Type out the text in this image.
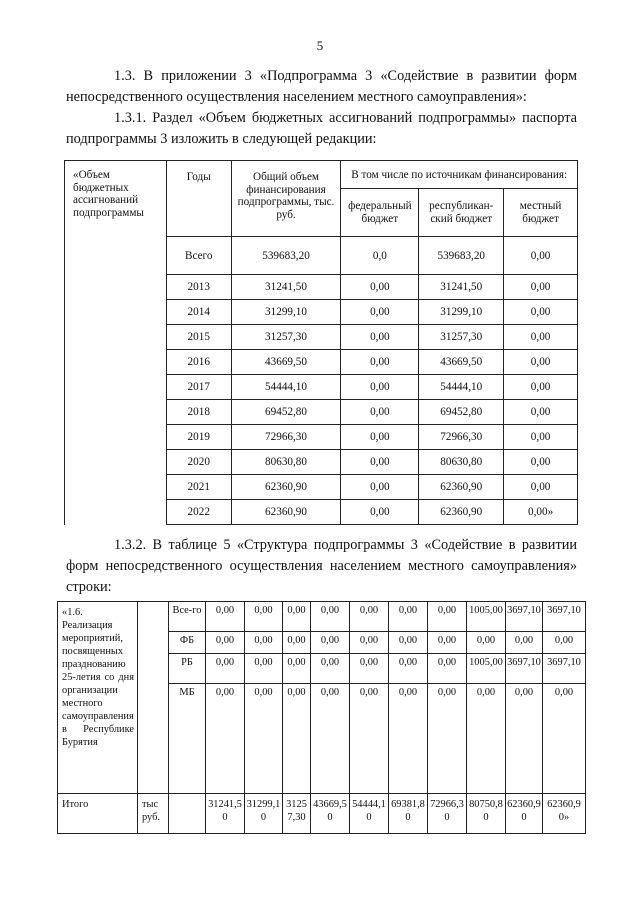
5
1.3. В приложении 3 «Подпрограмма 3 «Содействие в развитии форм непосредственного осуществления населением местного самоуправления»:
1.3.1. Раздел «Объем бюджетных ассигнований подпрограммы» паспорта подпрограммы 3 изложить в следующей редакции:
«Объем бюджетных ассигнований подпрограммы	Годы	Общий объем финансирования подпрограммы, тыс. руб.	В том числе по источникам финансирования:		
			федеральный бюджет	республикан-ский бюджет	местный бюджет
	Всего	539683,20	0,0	539683,20	0,00
	2013	31241,50	0,00	31241,50	0,00
	2014	31299,10	0,00	31299,10	0,00
	2015	31257,30	0,00	31257,30	0,00
	2016	43669,50	0,00	43669,50	0,00
	2017	54444,10	0,00	54444,10	0,00
	2018	69452,80	0,00	69452,80	0,00
	2019	72966,30	0,00	72966,30	0,00
	2020	80630,80	0,00	80630,80	0,00
	2021	62360,90	0,00	62360,90	0,00
	2022	62360,90	0,00	62360,90	0,00»
1.3.2. В таблице 5 «Структура подпрограммы 3 «Содействие в развитии форм непосредственного осуществления населением местного самоуправления» строки:
«1.6. Реализация мероприятий, посвященных празднованию 25-летия со дня организации местного самоуправления в Республике Бурятия		Все-го	0,00	0,00	0,00	0,00	0,00	0,00	0,00	1005,00	3697,10	3697,10
		ФБ	0,00	0,00	0,00	0,00	0,00	0,00	0,00	0,00	0,00	0,00
		РБ	0,00	0,00	0,00	0,00	0,00	0,00	0,00	1005,00	3697,10	3697,10
		МБ	0,00	0,00	0,00	0,00	0,00	0,00	0,00	0,00	0,00	0,00
Итого	тыс руб.		31241,50	31299,10	31257,30	43669,50	54444,10	69381,80	72966,30	80750,80	62360,90	62360,90»
